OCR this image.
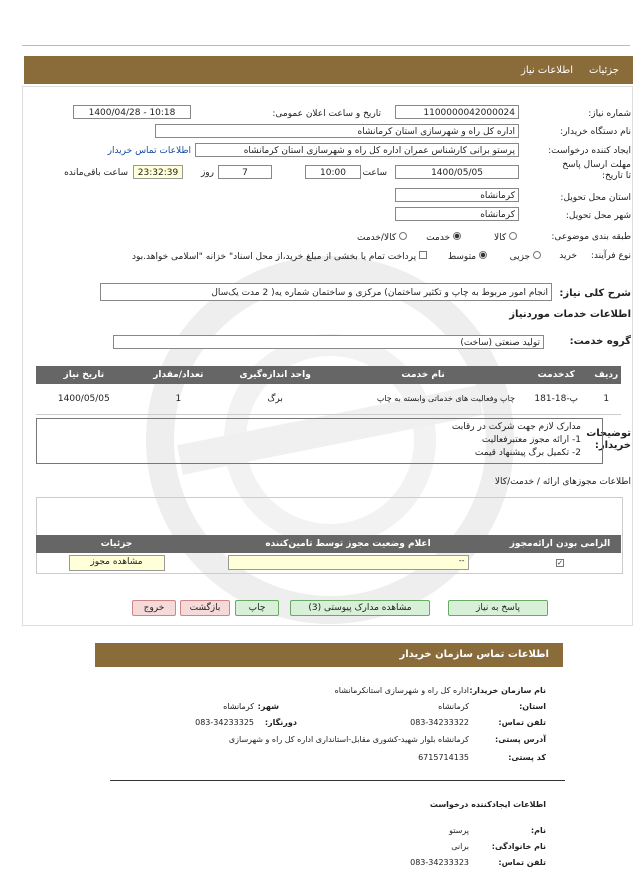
جزئیات
اطلاعات نیاز
شماره نیاز:
1100000042000024
تاریخ و ساعت اعلان عمومی:
1400/04/28 - 10:18
نام دستگاه خریدار:
اداره کل راه و شهرسازی استان کرمانشاه
ایجاد کننده درخواست:
پرستو برانی کارشناس عمران اداره کل راه و شهرسازی استان کرمانشاه
اطلاعات تماس خریدار
مهلت ارسال پاسخ تا تاریخ:
1400/05/05
ساعت
10:00
روز	7
23:32:39
ساعت باقی‌مانده
استان محل تحویل:
کرمانشاه
شهر محل تحویل:
کرمانشاه
طبقه بندی موضوعی:
کالا
خدمت
کالا/خدمت
نوع فرآیند:
خرید
جزیی
متوسط
پرداخت تمام یا بخشی از مبلغ خرید،از محل اسناد" خزانه "اسلامی خواهد.بود
شرح کلی نیاز:
انجام امور مربوط به چاپ و تکثیر ساختمان) مرکزی و ساختمان شماره یه( 2 مدت یک‌سال
اطلاعات خدمات موردنیاز
گروه خدمت:
تولید صنعتی (ساخت)
ردیف	کدخدمت	نام خدمت	واحد اندازه‌گیری	تعداد/مقدار	تاریخ نیاز
1	پ-18-181	چاپ وفعالیت های خدماتی وابسته به چاپ	برگ	1	1400/05/05
توضیحات خریدار:
مدارک لازم جهت شرکت در رقابت
1- ارائه مجوز معتبرفعالیت
2- تکمیل برگ پیشنهاد قیمت
اطلاعات مجوزهای ارائه / خدمت/کالا
الزامی بودن ارائه‌مجوز	اعلام وضعیت مجوز توسط تامین‌کننده	جزئیات
✓	--	مشاهده مجوز
پاسخ به نیاز
مشاهده مدارک پیوستی (3)
چاپ
بازگشت
خروج
اطلاعات تماس سازمان خریدار
نام سازمان خریدار:
اداره کل راه و شهرسازی استانکرمانشاه
استان:
کرمانشاه
شهر:
کرمانشاه
تلفن تماس:
083-34233322
دورنگار:
083-34233325
آدرس پستی:
کرمانشاه بلوار شهید-کشوری مقابل-استانداری اداره کل راه و شهرسازی
کد پستی:
6715714135
اطلاعات ایجادکننده درخواست
نام:
پرستو
نام خانوادگی:
برانی
تلفن تماس:
083-34233323
